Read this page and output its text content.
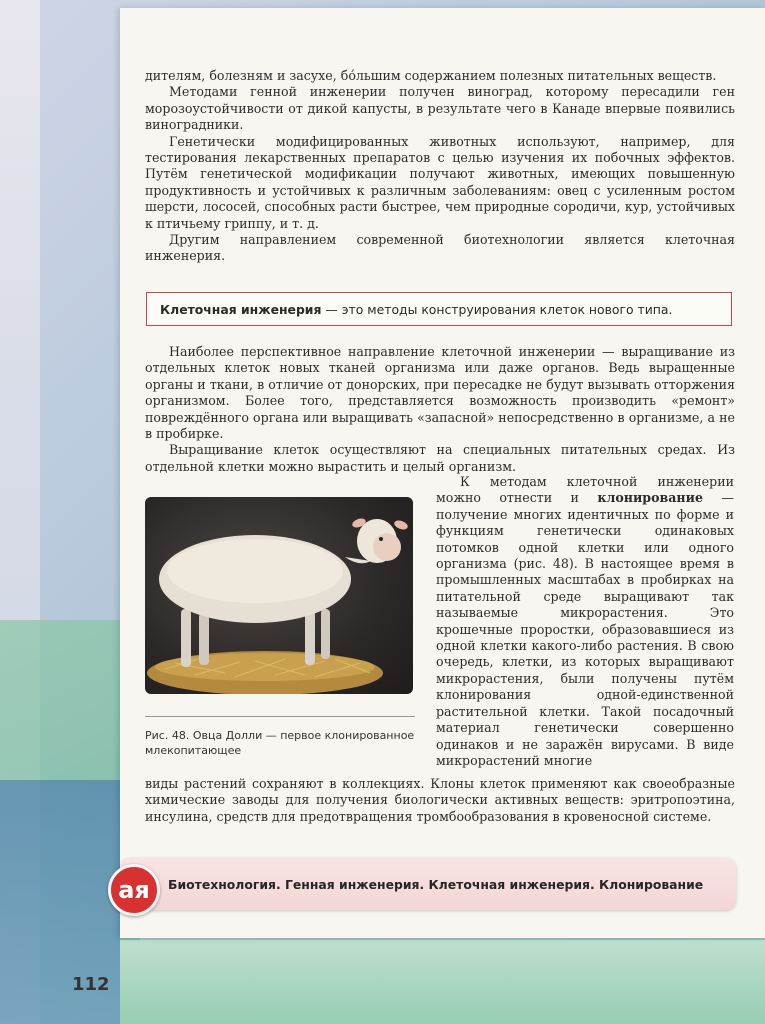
дителям, болезням и засухе, бо́льшим содержанием полезных питательных веществ.

Методами генной инженерии получен виноград, которому пересадили ген морозоустойчивости от дикой капусты, в результате чего в Канаде впервые появились виноградники.

Генетически модифицированных животных используют, например, для тестирования лекарственных препаратов с целью изучения их побочных эффектов. Путём генетической модификации получают животных, имеющих повышенную продуктивность и устойчивых к различным заболеваниям: овец с усиленным ростом шерсти, лососей, способных расти быстрее, чем природные сородичи, кур, устойчивых к птичьему гриппу, и т. д.

Другим направлением современной биотехнологии является клеточная инженерия.

Клеточная инженерия — это методы конструирования клеток нового типа.

Наиболее перспективное направление клеточной инженерии — выращивание из отдельных клеток новых тканей организма или даже органов. Ведь выращенные органы и ткани, в отличие от донорских, при пересадке не будут вызывать отторжения организмом. Более того, представляется возможность производить «ремонт» повреждённого органа или выращивать «запасной» непосредственно в организме, а не в пробирке.

Выращивание клеток осуществляют на специальных питательных средах. Из отдельной клетки можно вырастить и целый организм.

Рис. 48. Овца Долли — первое клонированное млекопитающее

К методам клеточной инженерии можно отнести и клонирование — получение многих идентичных по форме и функциям генетически одинаковых потомков одной клетки или одного организма (рис. 48). В настоящее время в промышленных масштабах в пробирках на питательной среде выращивают так называемые микрорастения. Это крошечные проростки, образовавшиеся из одной клетки какого-либо растения. В свою очередь, клетки, из которых выращивают микрорастения, были получены путём клонирования одной-единственной растительной клетки. Такой посадочный материал генетически совершенно одинаков и не заражён вирусами. В виде микрорастений многие

виды растений сохраняют в коллекциях. Клоны клеток применяют как своеобразные химические заводы для получения биологически активных веществ: эритропоэтина, инсулина, средств для предотвращения тромбообразования в кровеносной системе.

ая	Биотехнология. Генная инженерия. Клеточная инженерия. Клонирование
112
